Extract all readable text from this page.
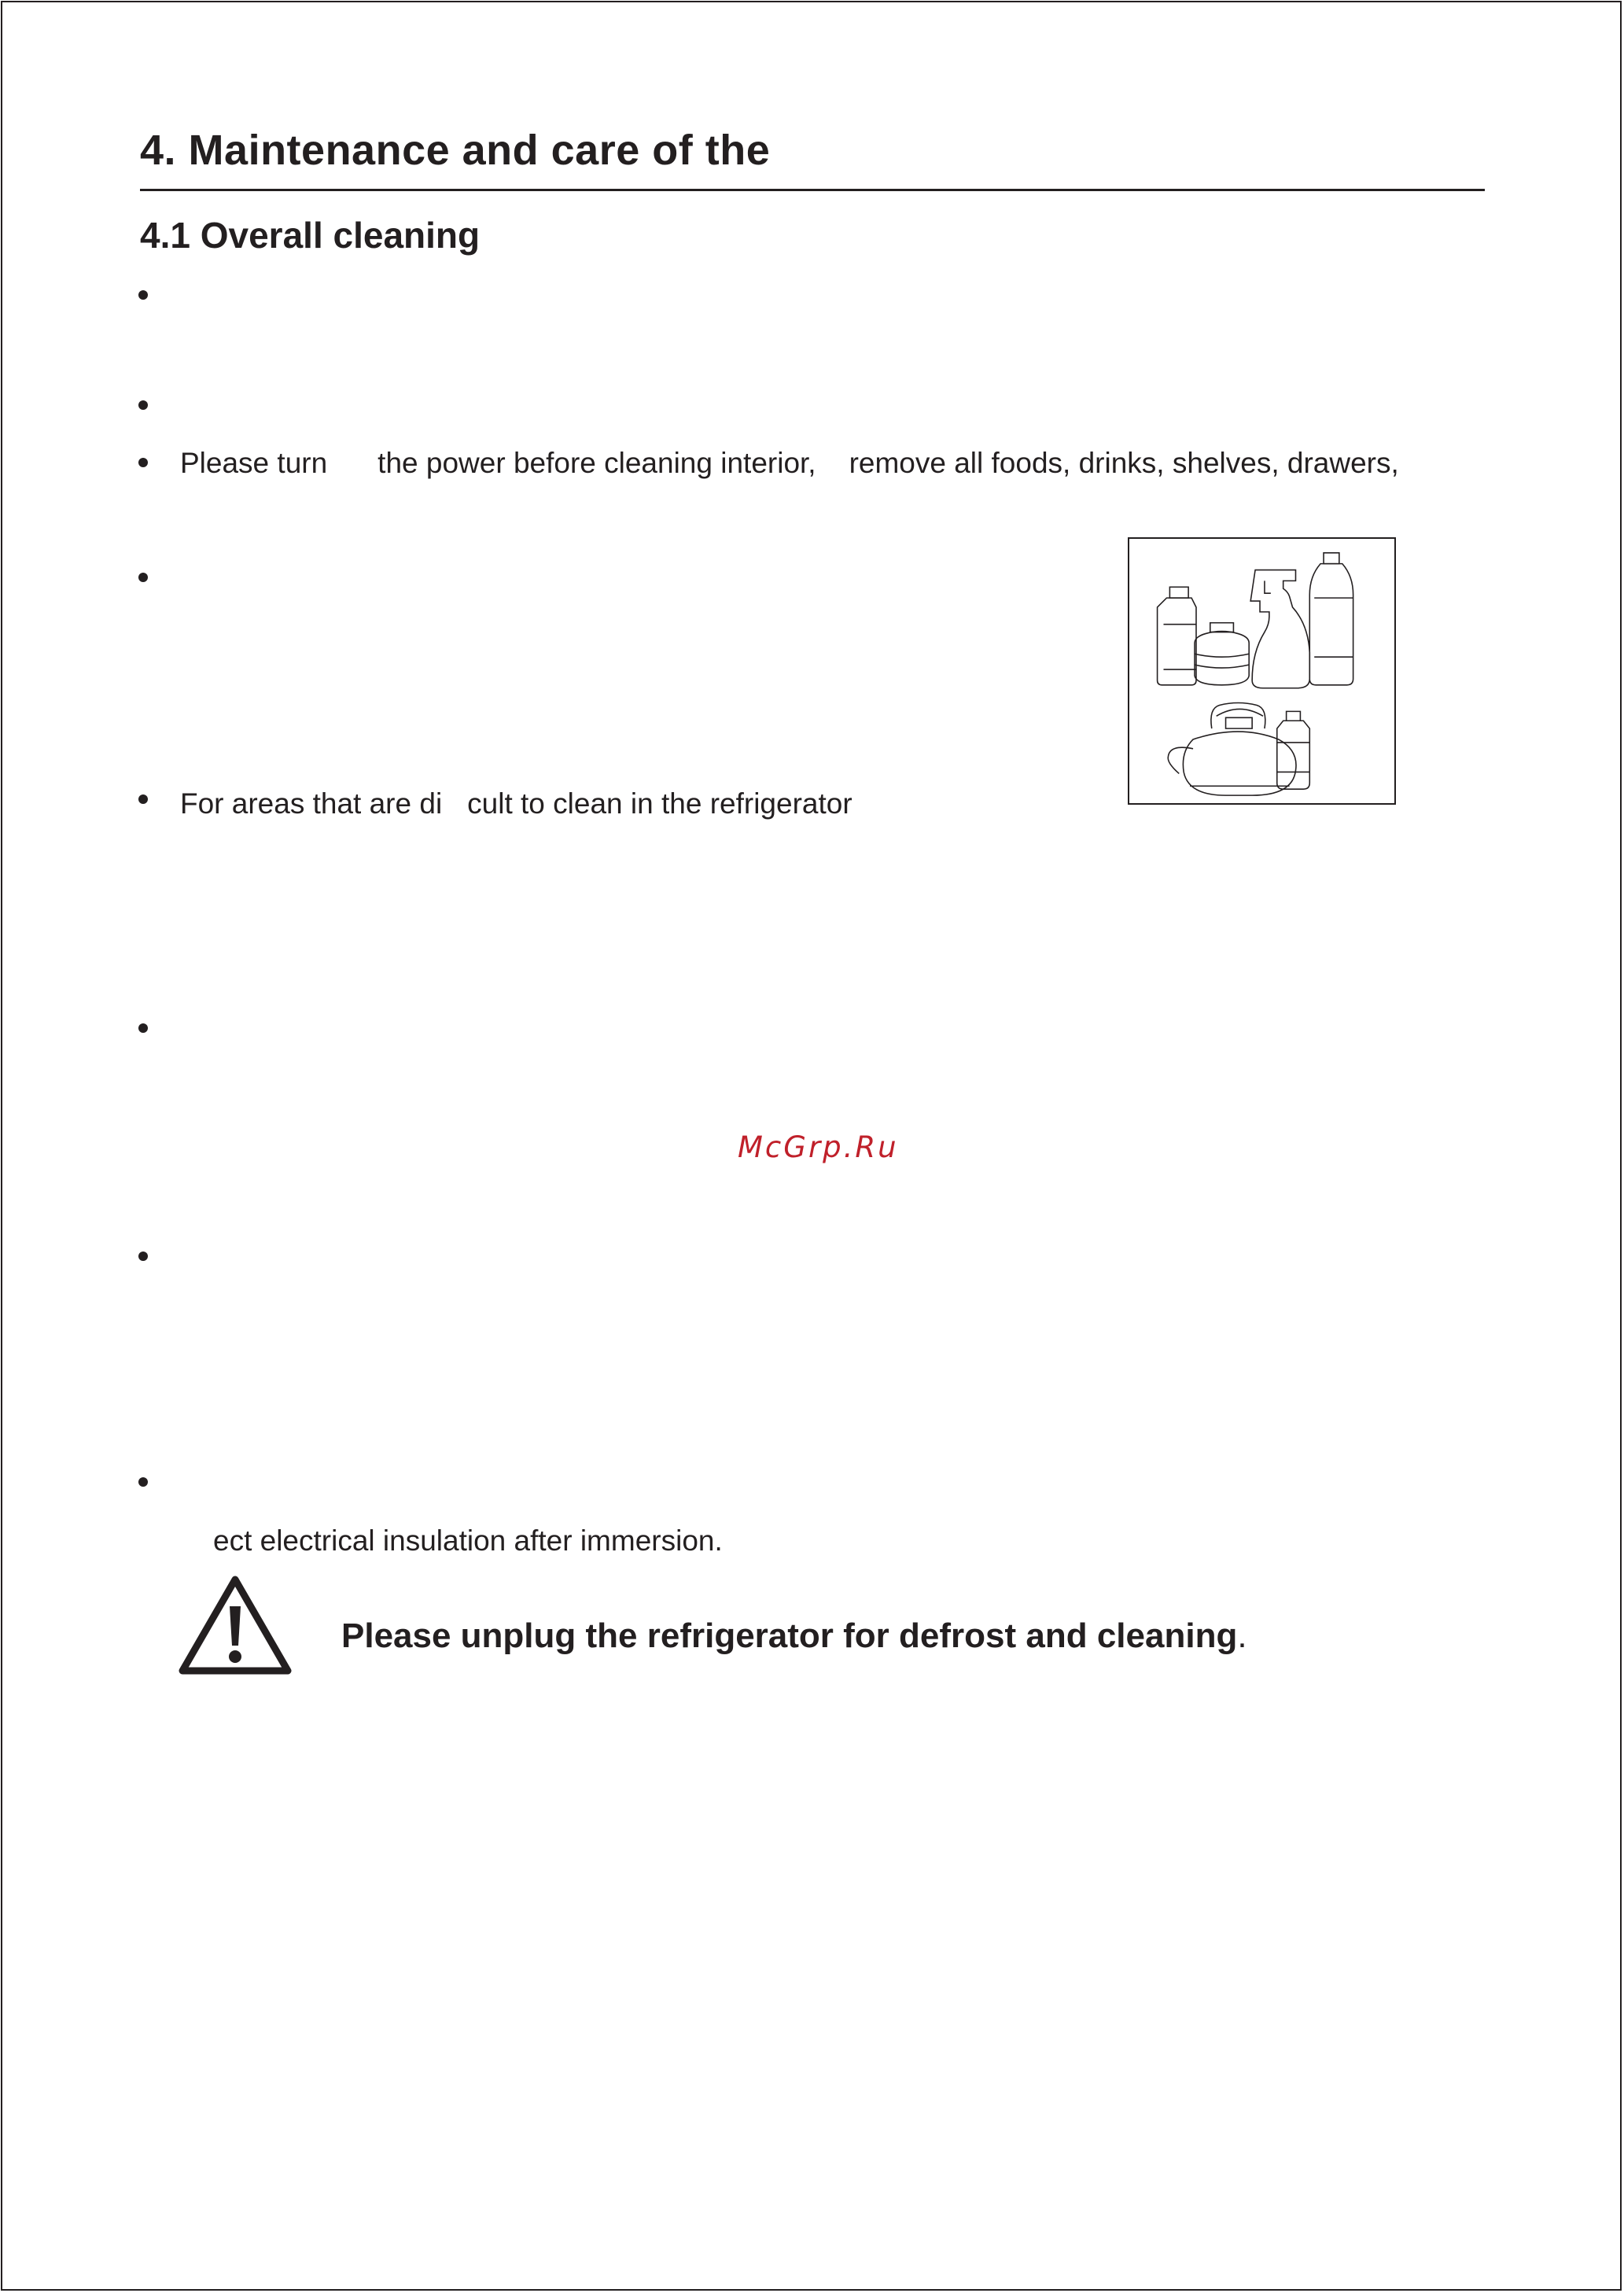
4. Maintenance and care of the
4.1 Overall cleaning
Please turn the power before cleaning interior, remove all foods, drinks, shelves, drawers,
For areas that are di cult to clean in the refrigerator
McGrp.Ru
ect electrical insulation after immersion.
Please unplug the refrigerator for defrost and cleaning.
